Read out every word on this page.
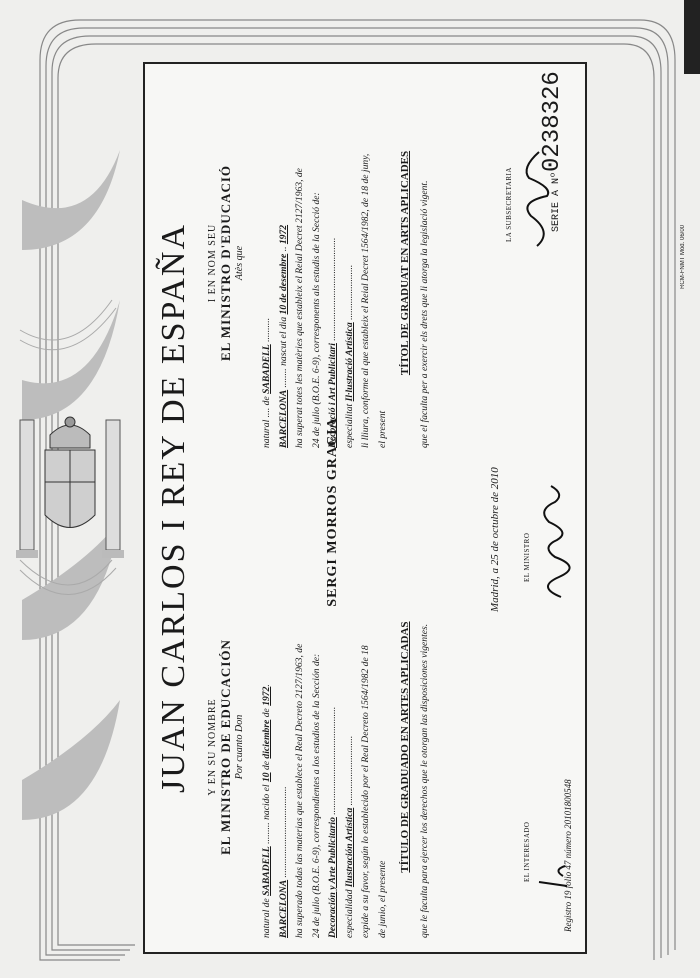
RCM-FNMT Mod. 06/00
JUAN CARLOS I REY DE ESPAÑA Y EN SU NOMBRE EL MINISTRO DE EDUCACIÓN Por cuanto Don
natural de SABADELL ......... nacido el 10 de diciembre de 1972.
BARCELONA ...................................... ha superado todas las materias que establece el Real Decreto 2127/1963, de 24 de julio (B.O.E. 6-9), correspondientes a los estudios de la Sección de: Decoración y Arte Publicitario .............................................
especialidad Ilustración Artística ............................. expide a su favor, según lo establecido por el Real Decreto 1564/1982 de 18 de junio, el presente
TÍTULO DE GRADUADO EN ARTES APLICADAS que le faculta para ejercer los derechos que le otorgan las disposiciones vigentes.
SERGI MORROS GRACIA
I EN NOM SEU EL MINISTRO D'EDUCACIÓ Atès que
natural .... de SABADELL ..........
BARCELONA ........ nascut el dia 10 de desembre .. 1972 ha superat totes les matèries que estableix el Reial Decret 2127/1963, de 24 de julio (B.O.E. 6-9), corresponents als estudis de la Secció de: Decoració i Art Publicitari ...........................................
especialitat Il·lustració Artística ....................... li lliura, conforme al que estableix el Reial Decret 1564/1982, de 18 de juny, el present
TÍTOL DE GRADUAT EN ARTS APLICADES que el faculta per a exercir els drets que li atorga la legislació vigent.
Madrid, a 25 de octubre de 2010	EL MINISTRO
EL INTERESADO	Registro 19 folio 47 número 20101800548
LA SUBSECRETARIA	SERIE A Nº
0238326
